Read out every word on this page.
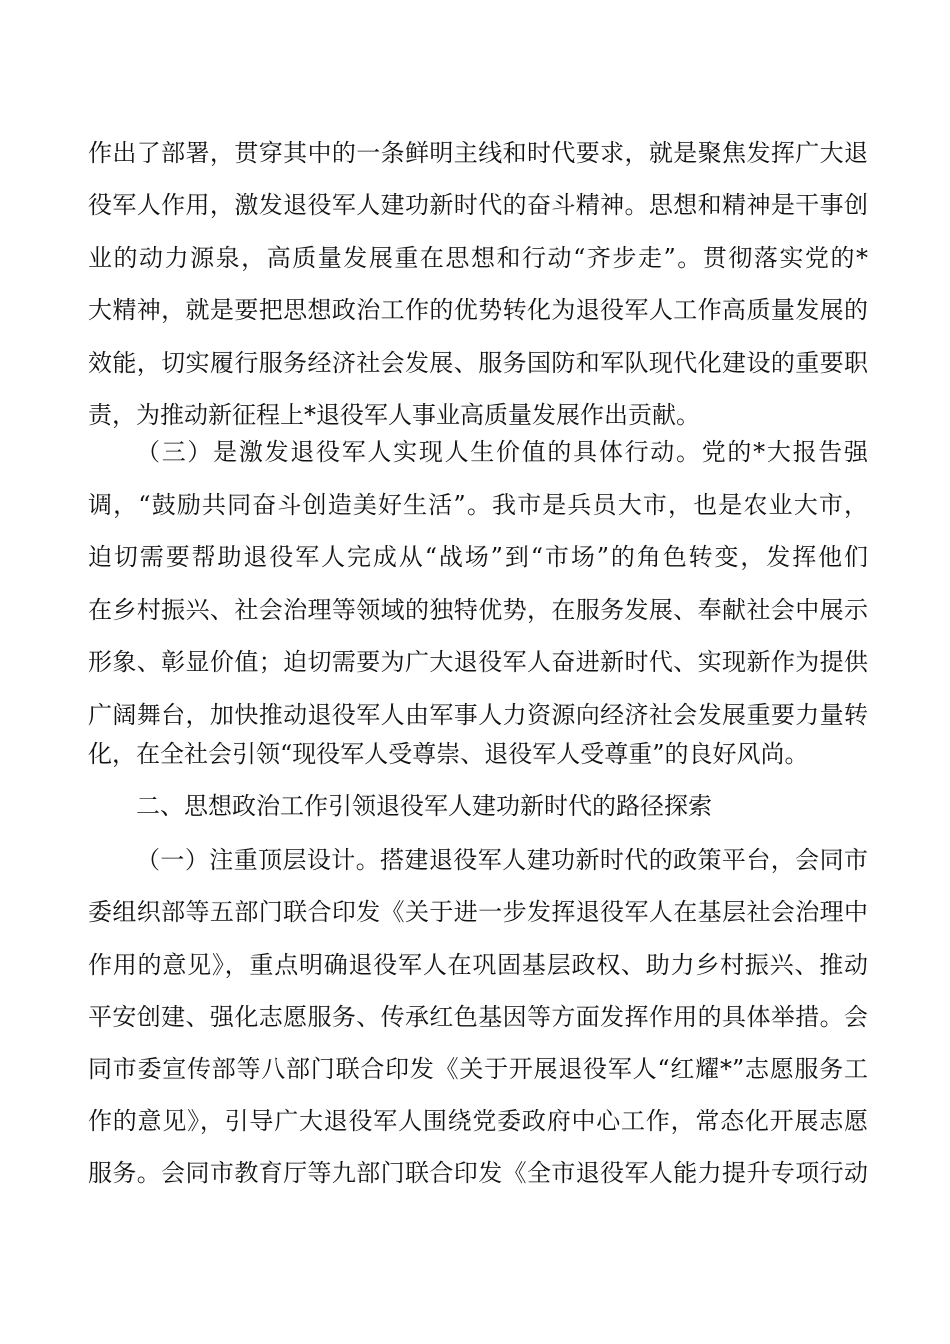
作出了部署，贯穿其中的一条鲜明主线和时代要求，就是聚焦发挥广大退
役军人作用，激发退役军人建功新时代的奋斗精神。思想和精神是干事创
业的动力源泉，高质量发展重在思想和行动“齐步走”。贯彻落实党的*
大精神，就是要把思想政治工作的优势转化为退役军人工作高质量发展的
效能，切实履行服务经济社会发展、服务国防和军队现代化建设的重要职
责，为推动新征程上*退役军人事业高质量发展作出贡献。
（三）是激发退役军人实现人生价值的具体行动。党的*大报告强
调，“鼓励共同奋斗创造美好生活”。我市是兵员大市，也是农业大市，
迫切需要帮助退役军人完成从“战场”到“市场”的角色转变，发挥他们
在乡村振兴、社会治理等领域的独特优势，在服务发展、奉献社会中展示
形象、彰显价值；迫切需要为广大退役军人奋进新时代、实现新作为提供
广阔舞台，加快推动退役军人由军事人力资源向经济社会发展重要力量转
化，在全社会引领“现役军人受尊崇、退役军人受尊重”的良好风尚。
二、思想政治工作引领退役军人建功新时代的路径探索
（一）注重顶层设计。搭建退役军人建功新时代的政策平台，会同市
委组织部等五部门联合印发《关于进一步发挥退役军人在基层社会治理中
作用的意见》，重点明确退役军人在巩固基层政权、助力乡村振兴、推动
平安创建、强化志愿服务、传承红色基因等方面发挥作用的具体举措。会
同市委宣传部等八部门联合印发《关于开展退役军人“红耀*”志愿服务工
作的意见》，引导广大退役军人围绕党委政府中心工作，常态化开展志愿
服务。会同市教育厅等九部门联合印发《全市退役军人能力提升专项行动
